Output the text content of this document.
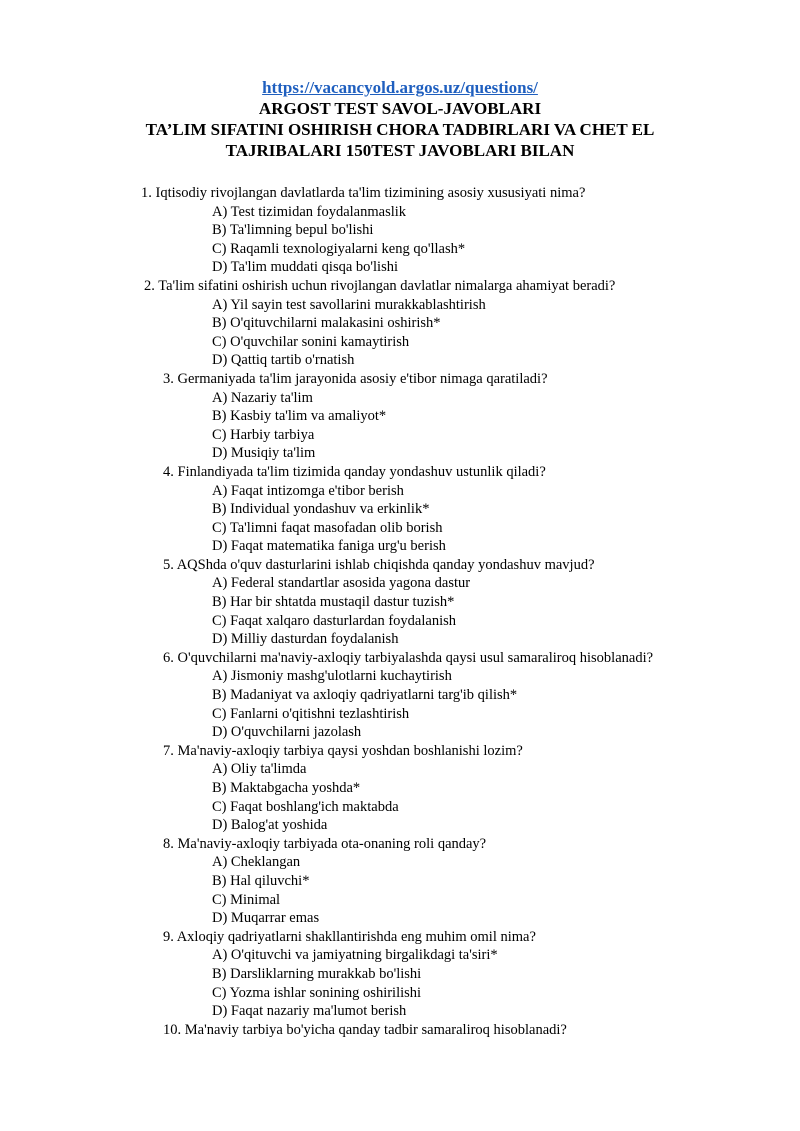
https://vacancyold.argos.uz/questions/

ARGOST TEST SAVOL-JAVOBLARI

TA’LIM SIFATINI OSHIRISH CHORA TADBIRLARI VA CHET EL

TAJRIBALARI 150TEST JAVOBLARI BILAN

1. Iqtisodiy rivojlangan davlatlarda ta'lim tizimining asosiy xususiyati nima?
A) Test tizimidan foydalanmaslik
B) Ta'limning bepul bo'lishi
C) Raqamli texnologiyalarni keng qo'llash*
D) Ta'lim muddati qisqa bo'lishi
2. Ta'lim sifatini oshirish uchun rivojlangan davlatlar nimalarga ahamiyat beradi?
A) Yil sayin test savollarini murakkablashtirish
B) O'qituvchilarni malakasini oshirish*
C) O'quvchilar sonini kamaytirish
D) Qattiq tartib o'rnatish
3. Germaniyada ta'lim jarayonida asosiy e'tibor nimaga qaratiladi?
A) Nazariy ta'lim
B) Kasbiy ta'lim va amaliyot*
C) Harbiy tarbiya
D) Musiqiy ta'lim
4. Finlandiyada ta'lim tizimida qanday yondashuv ustunlik qiladi?
A) Faqat intizomga e'tibor berish
B) Individual yondashuv va erkinlik*
C) Ta'limni faqat masofadan olib borish
D) Faqat matematika faniga urg'u berish
5. AQShda o'quv dasturlarini ishlab chiqishda qanday yondashuv mavjud?
A) Federal standartlar asosida yagona dastur
B) Har bir shtatda mustaqil dastur tuzish*
C) Faqat xalqaro dasturlardan foydalanish
D) Milliy dasturdan foydalanish
6. O'quvchilarni ma'naviy-axloqiy tarbiyalashda qaysi usul samaraliroq hisoblanadi?
A) Jismoniy mashg'ulotlarni kuchaytirish
B) Madaniyat va axloqiy qadriyatlarni targ'ib qilish*
C) Fanlarni o'qitishni tezlashtirish
D) O'quvchilarni jazolash
7. Ma'naviy-axloqiy tarbiya qaysi yoshdan boshlanishi lozim?
A) Oliy ta'limda
B) Maktabgacha yoshda*
C) Faqat boshlang'ich maktabda
D) Balog'at yoshida
8. Ma'naviy-axloqiy tarbiyada ota-onaning roli qanday?
A) Cheklangan
B) Hal qiluvchi*
C) Minimal
D) Muqarrar emas
9. Axloqiy qadriyatlarni shakllantirishda eng muhim omil nima?
A) O'qituvchi va jamiyatning birgalikdagi ta'siri*
B) Darsliklarning murakkab bo'lishi
C) Yozma ishlar sonining oshirilishi
D) Faqat nazariy ma'lumot berish
10. Ma'naviy tarbiya bo'yicha qanday tadbir samaraliroq hisoblanadi?
